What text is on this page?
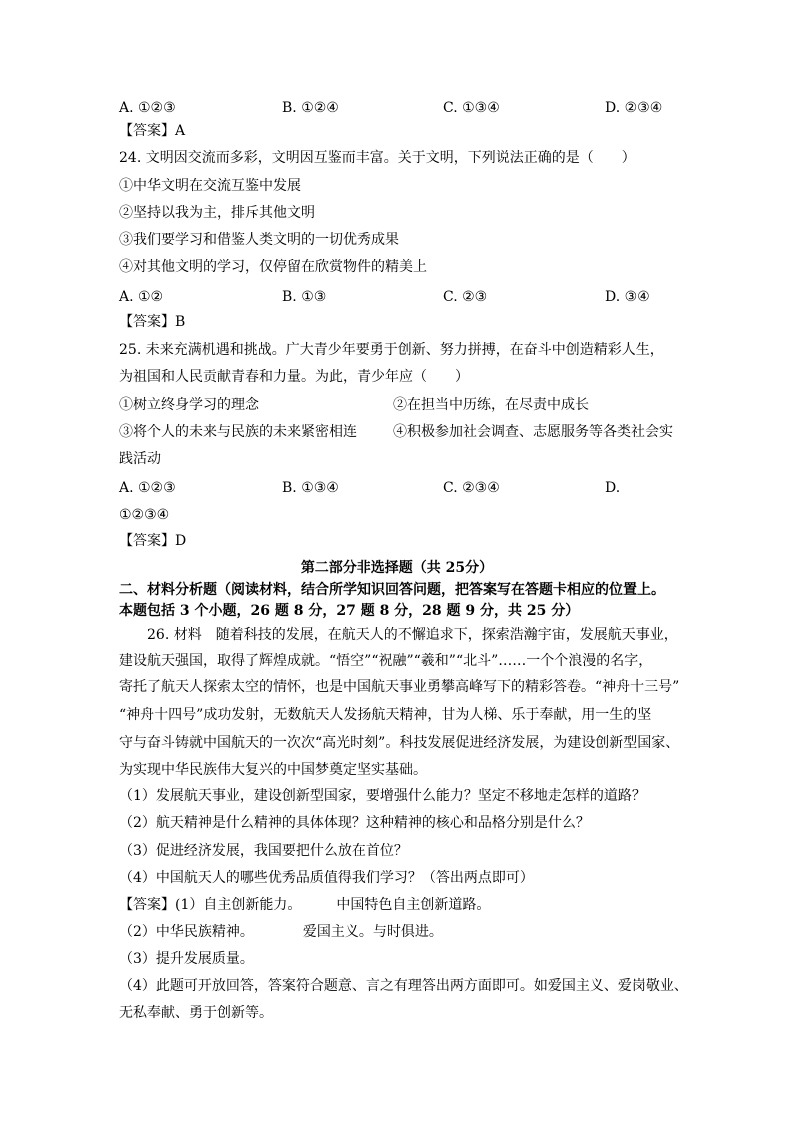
A. ①②③	B. ①②④	C. ①③④	D. ②③④
【答案】A
24. 文明因交流而多彩，文明因互鉴而丰富。关于文明，下列说法正确的是（　　）
①中华文明在交流互鉴中发展
②坚持以我为主，排斥其他文明
③我们要学习和借鉴人类文明的一切优秀成果
④对其他文明的学习，仅停留在欣赏物件的精美上
A. ①②	B. ①③	C. ②③	D. ③④
【答案】B
25. 未来充满机遇和挑战。广大青少年要勇于创新、努力拼搏，在奋斗中创造精彩人生，
为祖国和人民贡献青春和力量。为此，青少年应（　　）
①树立终身学习的理念	②在担当中历练，在尽责中成长
③将个人的未来与民族的未来紧密相连	④积极参加社会调查、志愿服务等各类社会实
践活动
A. ①②③	B. ①③④	C. ②③④	D.
①②③④
【答案】D
第二部分非选择题（共 25分）
二、材料分析题（阅读材料，结合所学知识回答问题，把答案写在答题卡相应的位置上。
本题包括 3 个小题，26 题 8 分，27 题 8 分，28 题 9 分，共 25 分）
26. 材料　随着科技的发展，在航天人的不懈追求下，探索浩瀚宇宙，发展航天事业，
建设航天强国，取得了辉煌成就。“悟空”“祝融”“羲和”“北斗”……一个个浪漫的名字，
寄托了航天人探索太空的情怀，也是中国航天事业勇攀高峰写下的精彩答卷。“神舟十三号”
“神舟十四号”成功发射，无数航天人发扬航天精神，甘为人梯、乐于奉献，用一生的坚
守与奋斗铸就中国航天的一次次“高光时刻”。科技发展促进经济发展，为建设创新型国家、
为实现中华民族伟大复兴的中国梦奠定坚实基础。
（1）发展航天事业，建设创新型国家，要增强什么能力？坚定不移地走怎样的道路？
（2）航天精神是什么精神的具体体现？这种精神的核心和品格分别是什么？
（3）促进经济发展，我国要把什么放在首位？
（4）中国航天人的哪些优秀品质值得我们学习？（答出两点即可）
【答案】(1）自主创新能力。　　　中国特色自主创新道路。
（2）中华民族精神。　　　　爱国主义。与时俱进。
（3）提升发展质量。
（4）此题可开放回答，答案符合题意、言之有理答出两方面即可。如爱国主义、爱岗敬业、
无私奉献、勇于创新等。
